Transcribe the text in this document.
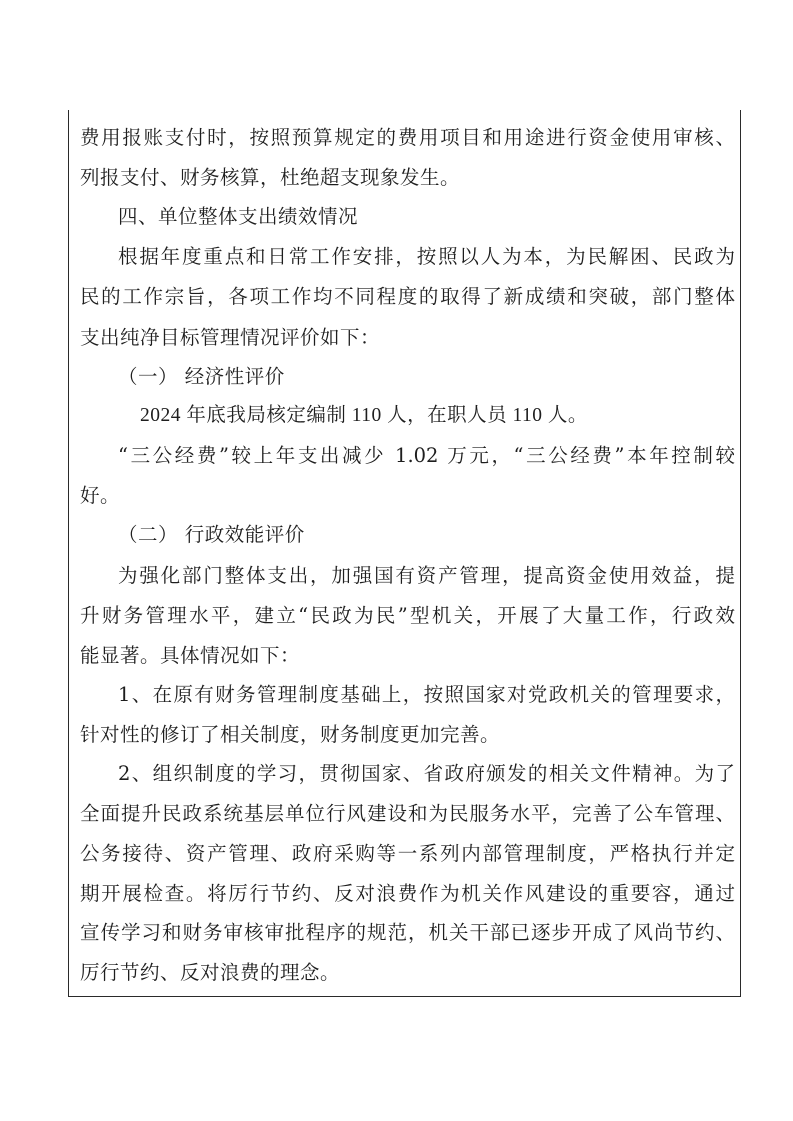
费用报账支付时，按照预算规定的费用项目和用途进行资金使用审核、
列报支付、财务核算，杜绝超支现象发生。
四、单位整体支出绩效情况
根据年度重点和日常工作安排，按照以人为本，为民解困、民政为
民的工作宗旨，各项工作均不同程度的取得了新成绩和突破，部门整体
支出纯净目标管理情况评价如下：
（一） 经济性评价
2024 年底我局核定编制 110 人，在职人员 110 人。
“三公经费”较上年支出减少 1.02 万元，“三公经费”本年控制较
好。
（二） 行政效能评价
为强化部门整体支出，加强国有资产管理，提高资金使用效益，提
升财务管理水平，建立“民政为民”型机关，开展了大量工作，行政效
能显著。具体情况如下：
1、在原有财务管理制度基础上，按照国家对党政机关的管理要求，
针对性的修订了相关制度，财务制度更加完善。
2、组织制度的学习，贯彻国家、省政府颁发的相关文件精神。为了
全面提升民政系统基层单位行风建设和为民服务水平，完善了公车管理、
公务接待、资产管理、政府采购等一系列内部管理制度，严格执行并定
期开展检查。将厉行节约、反对浪费作为机关作风建设的重要容，通过
宣传学习和财务审核审批程序的规范，机关干部已逐步开成了风尚节约、
厉行节约、反对浪费的理念。
